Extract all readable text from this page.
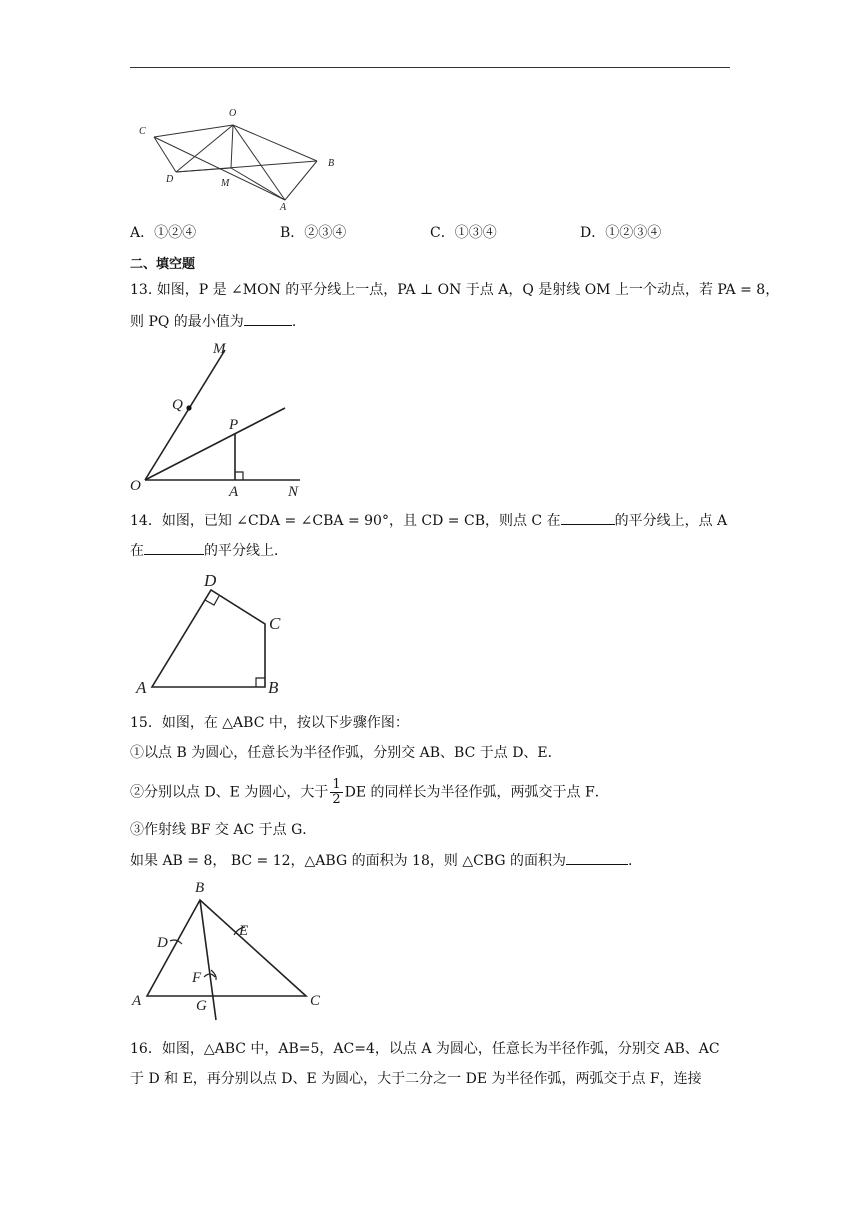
C
O
B
D	M
A
A．①②④	B．②③④	C．①③④	D．①②③④
二、填空题
13. 如图，P 是 ∠MON 的平分线上一点，PA ⊥ ON 于点 A，Q 是射线 OM 上一个动点，若 PA = 8，
则 PQ 的最小值为	.
M
Q
P
O	A	N
14．如图，已知 ∠CDA = ∠CBA = 90°，且 CD = CB，则点 C 在	的平分线上，点 A
在	的平分线上．
D
C
A	B
15．如图，在 △ABC 中，按以下步骤作图：
①以点 B 为圆心，任意长为半径作弧，分别交 AB、BC 于点 D、E．
②分别以点 D、E 为圆心，大于 $\frac{1}{2}$ DE 的同样长为半径作弧，两弧交于点 F．
③作射线 BF 交 AC 于点 G．
如果 AB = 8， BC = 12，△ABG 的面积为 18，则 △CBG 的面积为	.
B
D
E
F
A	G	C
16．如图，△ABC 中，AB=5，AC=4，以点 A 为圆心，任意长为半径作弧，分别交 AB、AC
于 D 和 E，再分别以点 D、E 为圆心，大于二分之一 DE 为半径作弧，两弧交于点 F，连接
